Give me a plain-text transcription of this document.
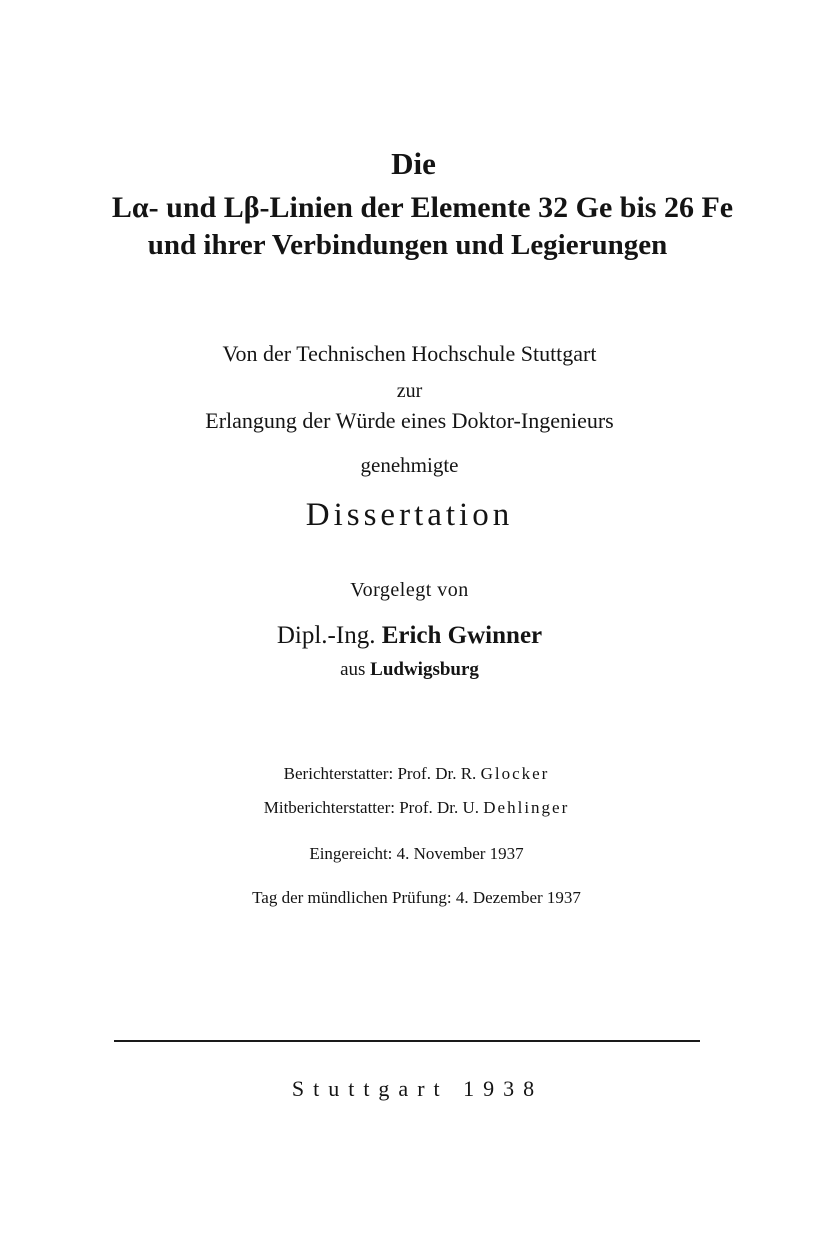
Die
Lα- und Lβ-Linien der Elemente 32 Ge bis 26 Fe
und ihrer Verbindungen und Legierungen
Von der Technischen Hochschule Stuttgart
zur
Erlangung der Würde eines Doktor-Ingenieurs
genehmigte
Dissertation
Vorgelegt von
Dipl.-Ing. Erich Gwinner
aus Ludwigsburg
Berichterstatter: Prof. Dr. R. Glocker
Mitberichterstatter: Prof. Dr. U. Dehlinger
Eingereicht: 4. November 1937
Tag der mündlichen Prüfung: 4. Dezember 1937
Stuttgart 1938
